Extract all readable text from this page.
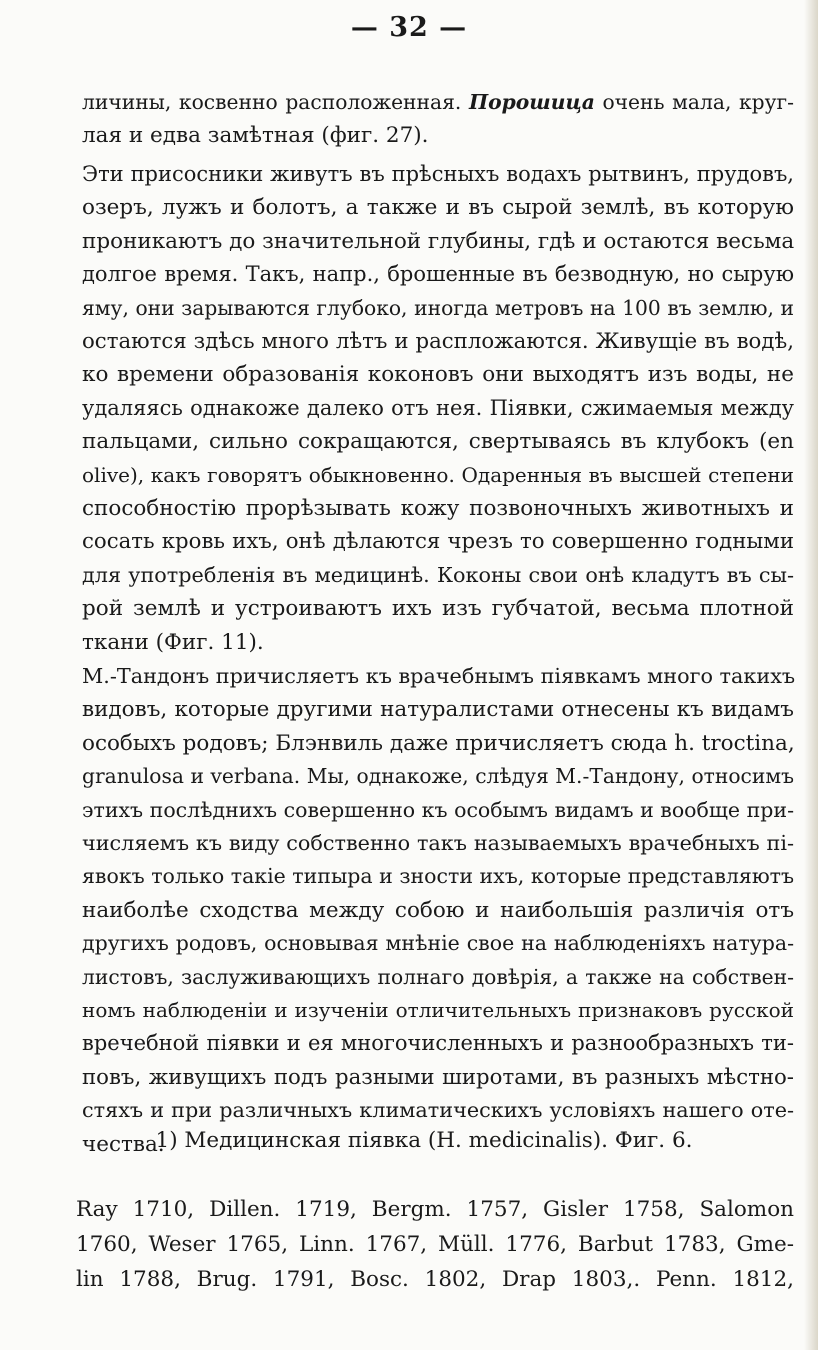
— 32 —
личины, косвенно расположенная. Порошица очень мала, круг-
лая и едва замѣтная (фиг. 27).
Эти присосники живутъ въ прѣсныхъ водахъ рытвинъ, прудовъ,
озеръ, лужъ и болотъ, а также и въ сырой землѣ, въ которую
проникаютъ до значительной глубины, гдѣ и остаются весьма
долгое время. Такъ, напр., брошенные въ безводную, но сырую
яму, они зарываются глубоко, иногда метровъ на 100 въ землю, и
остаются здѣсь много лѣтъ и распложаются. Живущіе въ водѣ,
ко времени образованія коконовъ они выходятъ изъ воды, не
удаляясь однакоже далеко отъ нея. Піявки, сжимаемыя между
пальцами, сильно сокращаются, свертываясь въ клубокъ (en
olive), какъ говорятъ обыкновенно. Одаренныя въ высшей степени
способностію прорѣзывать кожу позвоночныхъ животныхъ и
сосать кровь ихъ, онѣ дѣлаются чрезъ то совершенно годными
для употребленія въ медицинѣ. Коконы свои онѣ кладутъ въ сы-
рой землѣ и устроиваютъ ихъ изъ губчатой, весьма плотной
ткани (Фиг. 11).
М.-Тандонъ причисляетъ къ врачебнымъ піявкамъ много такихъ
видовъ, которые другими натуралистами отнесены къ видамъ
особыхъ родовъ; Блэнвиль даже причисляетъ сюда h. troctina,
granulosa и verbana. Мы, однакоже, слѣдуя М.-Тандону, относимъ
этихъ послѣднихъ совершенно къ особымъ видамъ и вообще при-
числяемъ къ виду собственно такъ называемыхъ врачебныхъ пі-
явокъ только такіе типыра и зности ихъ, которые представляютъ
наиболѣе сходства между собою и наибольшія различія отъ
другихъ родовъ, основывая мнѣніе свое на наблюденіяхъ натура-
листовъ, заслуживающихъ полнаго довѣрія, а также на собствен-
номъ наблюденіи и изученіи отличительныхъ признаковъ русской
вречебной піявки и ея многочисленныхъ и разнообразныхъ ти-
повъ, живущихъ подъ разными широтами, въ разныхъ мѣстно-
стяхъ и при различныхъ климатическихъ условіяхъ нашего оте-
чества.
1) Медицинская піявка (H. medicinalis). Фиг. 6.
Ray 1710, Dillen. 1719, Bergm. 1757, Gisler 1758, Salomon
1760, Weser 1765, Linn. 1767, Müll. 1776, Barbut 1783, Gme-
lin 1788, Brug. 1791, Bosc. 1802, Drap 1803,. Penn. 1812,
